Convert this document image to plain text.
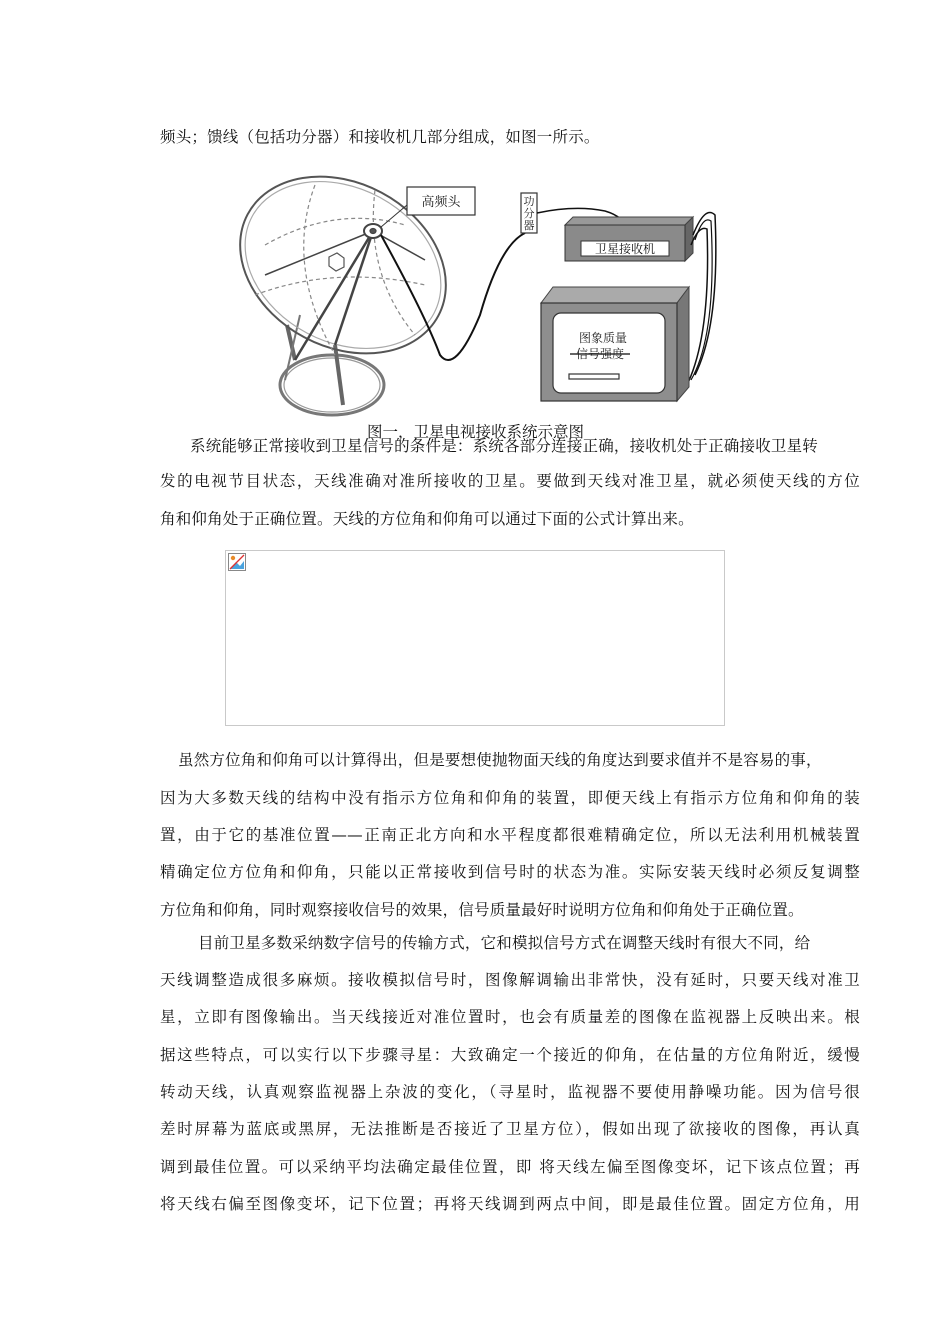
频头；馈线（包括功分器）和接收机几部分组成，如图一所示。
高频头	功分器
卫星接收机
图象质量
信号强度
图一，卫星电视接收系统示意图
系统能够正常接收到卫星信号的条件是：系统各部分连接正确，接收机处于正确接收卫星转
发的电视节目状态，天线准确对准所接收的卫星。要做到天线对准卫星，就必须使天线的方位
角和仰角处于正确位置。天线的方位角和仰角可以通过下面的公式计算出来。
虽然方位角和仰角可以计算得出，但是要想使抛物面天线的角度达到要求值并不是容易的事，
因为大多数天线的结构中没有指示方位角和仰角的装置，即便天线上有指示方位角和仰角的装
置，由于它的基准位置——正南正北方向和水平程度都很难精确定位，所以无法利用机械装置
精确定位方位角和仰角，只能以正常接收到信号时的状态为准。实际安装天线时必须反复调整
方位角和仰角，同时观察接收信号的效果，信号质量最好时说明方位角和仰角处于正确位置。
目前卫星多数采纳数字信号的传输方式，它和模拟信号方式在调整天线时有很大不同，给
天线调整造成很多麻烦。接收模拟信号时，图像解调输出非常快，没有延时，只要天线对准卫
星，立即有图像输出。当天线接近对准位置时，也会有质量差的图像在监视器上反映出来。根
据这些特点，可以实行以下步骤寻星：大致确定一个接近的仰角，在估量的方位角附近，缓慢
转动天线，认真观察监视器上杂波的变化，（寻星时，监视器不要使用静噪功能。因为信号很
差时屏幕为蓝底或黑屏，无法推断是否接近了卫星方位），假如出现了欲接收的图像，再认真
调到最佳位置。可以采纳平均法确定最佳位置，即 将天线左偏至图像变坏，记下该点位置；再
将天线右偏至图像变坏，记下位置；再将天线调到两点中间，即是最佳位置。固定方位角，用
